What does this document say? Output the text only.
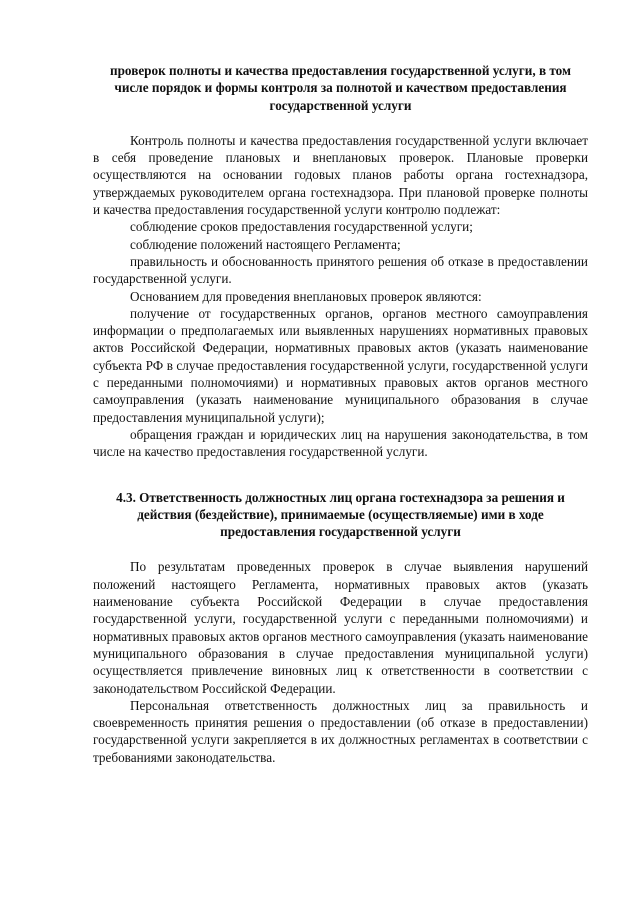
проверок полноты и качества предоставления государственной услуги, в том числе порядок и формы контроля за полнотой и качеством предоставления государственной услуги

Контроль полноты и качества предоставления государственной услуги включает в себя проведение плановых и внеплановых проверок. Плановые проверки осуществляются на основании годовых планов работы органа гостехнадзора, утверждаемых руководителем органа гостехнадзора. При плановой проверке полноты и качества предоставления государственной услуги контролю подлежат:

соблюдение сроков предоставления государственной услуги;

соблюдение положений настоящего Регламента;

правильность и обоснованность принятого решения об отказе в предоставлении государственной услуги.

Основанием для проведения внеплановых проверок являются:

получение от государственных органов, органов местного самоуправления информации о предполагаемых или выявленных нарушениях нормативных правовых актов Российской Федерации, нормативных правовых актов (указать наименование субъекта РФ в случае предоставления государственной услуги, государственной услуги с переданными полномочиями) и нормативных правовых актов органов местного самоуправления (указать наименование муниципального образования в случае предоставления муниципальной услуги);

обращения граждан и юридических лиц на нарушения законодательства, в том числе на качество предоставления государственной услуги.

4.3. Ответственность должностных лиц органа гостехнадзора за решения и действия (бездействие), принимаемые (осуществляемые) ими в ходе предоставления государственной услуги

По результатам проведенных проверок в случае выявления нарушений положений настоящего Регламента, нормативных правовых актов (указать наименование субъекта Российской Федерации в случае предоставления государственной услуги, государственной услуги с переданными полномочиями) и нормативных правовых актов органов местного самоуправления (указать наименование муниципального образования в случае предоставления муниципальной услуги) осуществляется привлечение виновных лиц к ответственности в соответствии с законодательством Российской Федерации.

Персональная ответственность должностных лиц за правильность и своевременность принятия решения о предоставлении (об отказе в предоставлении) государственной услуги закрепляется в их должностных регламентах в соответствии с требованиями законодательства.
